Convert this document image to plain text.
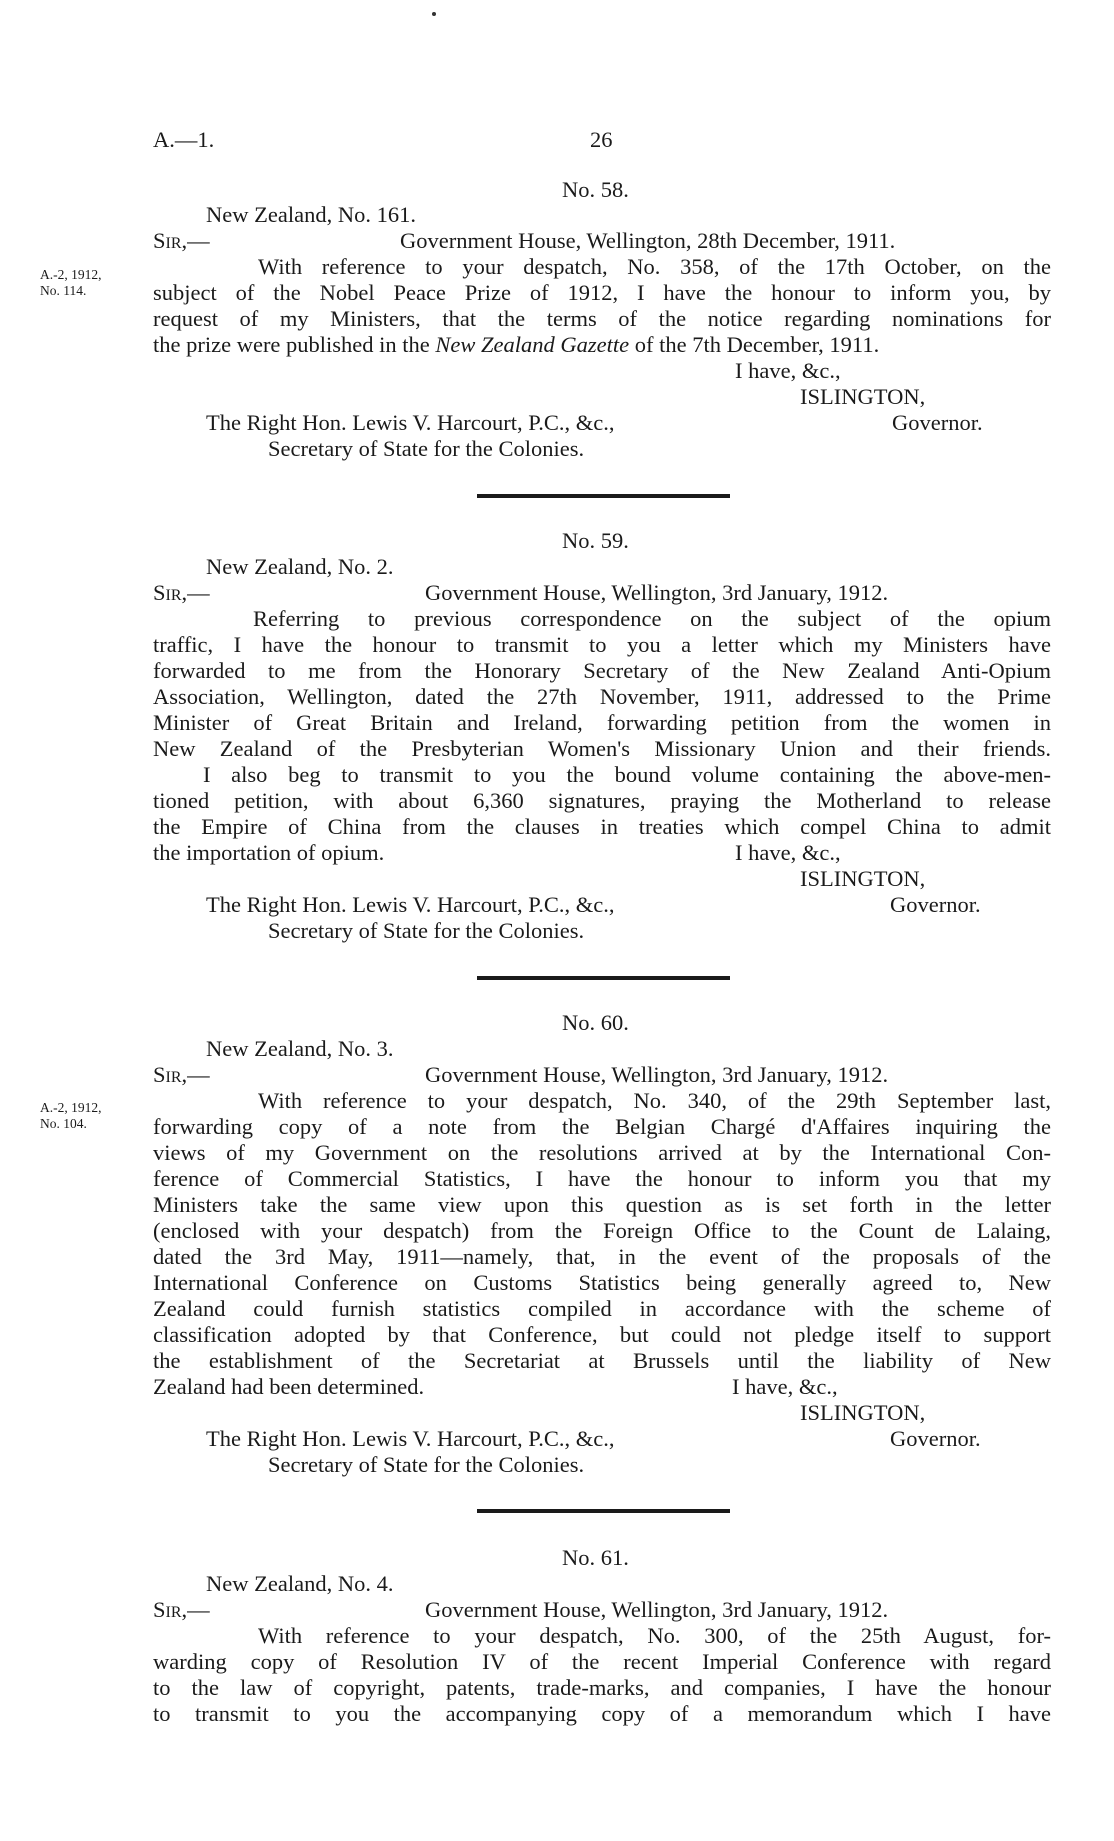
A.—1.	26
No. 58.
New Zealand, No. 161.
Sir,—	Government House, Wellington, 28th December, 1911.
A.-2, 1912,
No. 114.
With reference to your despatch, No. 358, of the 17th October, on the
subject of the Nobel Peace Prize of 1912, I have the honour to inform you, by
request of my Ministers, that the terms of the notice regarding nominations for
the prize were published in the New Zealand Gazette of the 7th December, 1911.
I have, &c.,
ISLINGTON,
The Right Hon. Lewis V. Harcourt, P.C., &c.,	Governor.
Secretary of State for the Colonies.
No. 59.
New Zealand, No. 2.
Sir,—	Government House, Wellington, 3rd January, 1912.
Referring to previous correspondence on the subject of the opium
traffic, I have the honour to transmit to you a letter which my Ministers have
forwarded to me from the Honorary Secretary of the New Zealand Anti-Opium
Association, Wellington, dated the 27th November, 1911, addressed to the Prime
Minister of Great Britain and Ireland, forwarding petition from the women in
New Zealand of the Presbyterian Women's Missionary Union and their friends.
I also beg to transmit to you the bound volume containing the above-men-
tioned petition, with about 6,360 signatures, praying the Motherland to release
the Empire of China from the clauses in treaties which compel China to admit
the importation of opium.	I have, &c.,
ISLINGTON,
The Right Hon. Lewis V. Harcourt, P.C., &c.,	Governor.
Secretary of State for the Colonies.
No. 60.
New Zealand, No. 3.
Sir,—	Government House, Wellington, 3rd January, 1912.
A.-2, 1912,
No. 104.
With reference to your despatch, No. 340, of the 29th September last,
forwarding copy of a note from the Belgian Chargé d'Affaires inquiring the
views of my Government on the resolutions arrived at by the International Con-
ference of Commercial Statistics, I have the honour to inform you that my
Ministers take the same view upon this question as is set forth in the letter
(enclosed with your despatch) from the Foreign Office to the Count de Lalaing,
dated the 3rd May, 1911—namely, that, in the event of the proposals of the
International Conference on Customs Statistics being generally agreed to, New
Zealand could furnish statistics compiled in accordance with the scheme of
classification adopted by that Conference, but could not pledge itself to support
the establishment of the Secretariat at Brussels until the liability of New
Zealand had been determined.	I have, &c.,
ISLINGTON,
The Right Hon. Lewis V. Harcourt, P.C., &c.,	Governor.
Secretary of State for the Colonies.
No. 61.
New Zealand, No. 4.
Sir,—	Government House, Wellington, 3rd January, 1912.
With reference to your despatch, No. 300, of the 25th August, for-
warding copy of Resolution IV of the recent Imperial Conference with regard
to the law of copyright, patents, trade-marks, and companies, I have the honour
to transmit to you the accompanying copy of a memorandum which I have
